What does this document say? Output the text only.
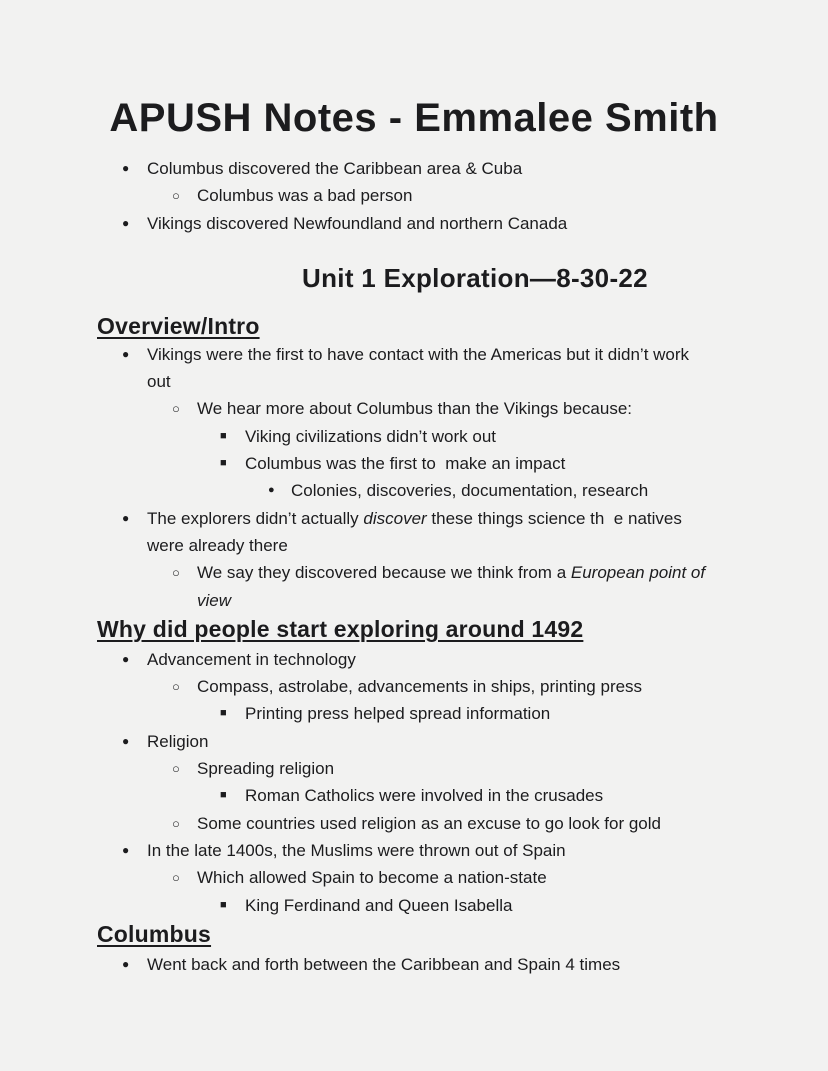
APUSH Notes - Emmalee Smith
●	Columbus discovered the Caribbean area & Cuba
○	Columbus was a bad person
●	Vikings discovered Newfoundland and northern Canada
Unit 1 Exploration—8-30-22
Overview/Intro
●	Vikings were the first to have contact with the Americas but it didn’t work
out
○	We hear more about Columbus than the Vikings because:
■	Viking civilizations didn’t work out
■	Columbus was the first to  make an impact
● Colonies, discoveries, documentation, research
●	The explorers didn’t actually discover these things science th  e natives
were already there
○	We say they discovered because we think from a European point of
view
Why did people start exploring around 1492
●	Advancement in technology
○	Compass, astrolabe, advancements in ships, printing press
■	Printing press helped spread information
●	Religion
○	Spreading religion
■	Roman Catholics were involved in the crusades
○	Some countries used religion as an excuse to go look for gold
●	In the late 1400s, the Muslims were thrown out of Spain
○	Which allowed Spain to become a nation-state
■	King Ferdinand and Queen Isabella
Columbus
●	Went back and forth between the Caribbean and Spain 4 times
